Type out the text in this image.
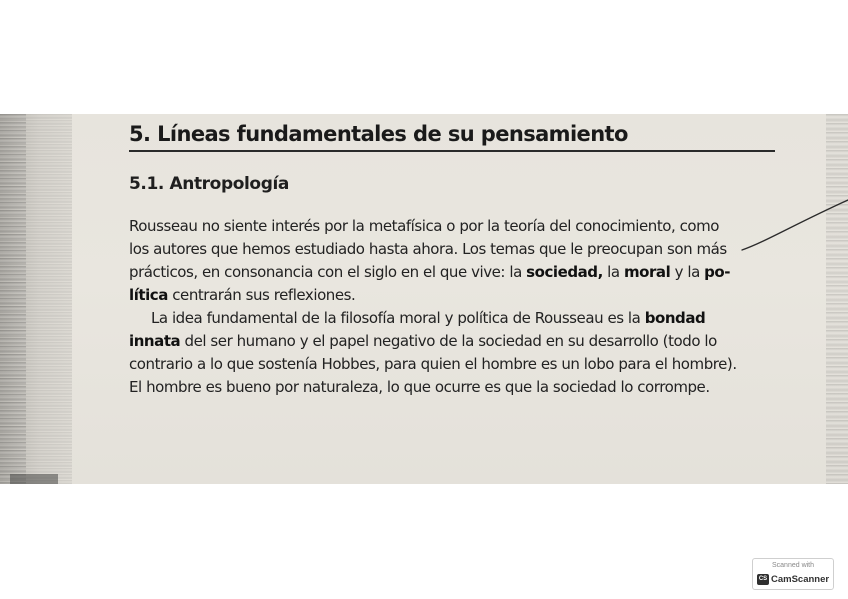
5. Líneas fundamentales de su pensamiento
5.1. Antropología
Rousseau no siente interés por la metafísica o por la teoría del conocimiento, como
los autores que hemos estudiado hasta ahora. Los temas que le preocupan son más
prácticos, en consonancia con el siglo en el que vive: la sociedad, la moral y la po-
lítica centrarán sus reflexiones.
La idea fundamental de la filosofía moral y política de Rousseau es la bondad
innata del ser humano y el papel negativo de la sociedad en su desarrollo (todo lo
contrario a lo que sostenía Hobbes, para quien el hombre es un lobo para el hombre).
El hombre es bueno por naturaleza, lo que ocurre es que la sociedad lo corrompe.
Scanned with
CS CamScanner
